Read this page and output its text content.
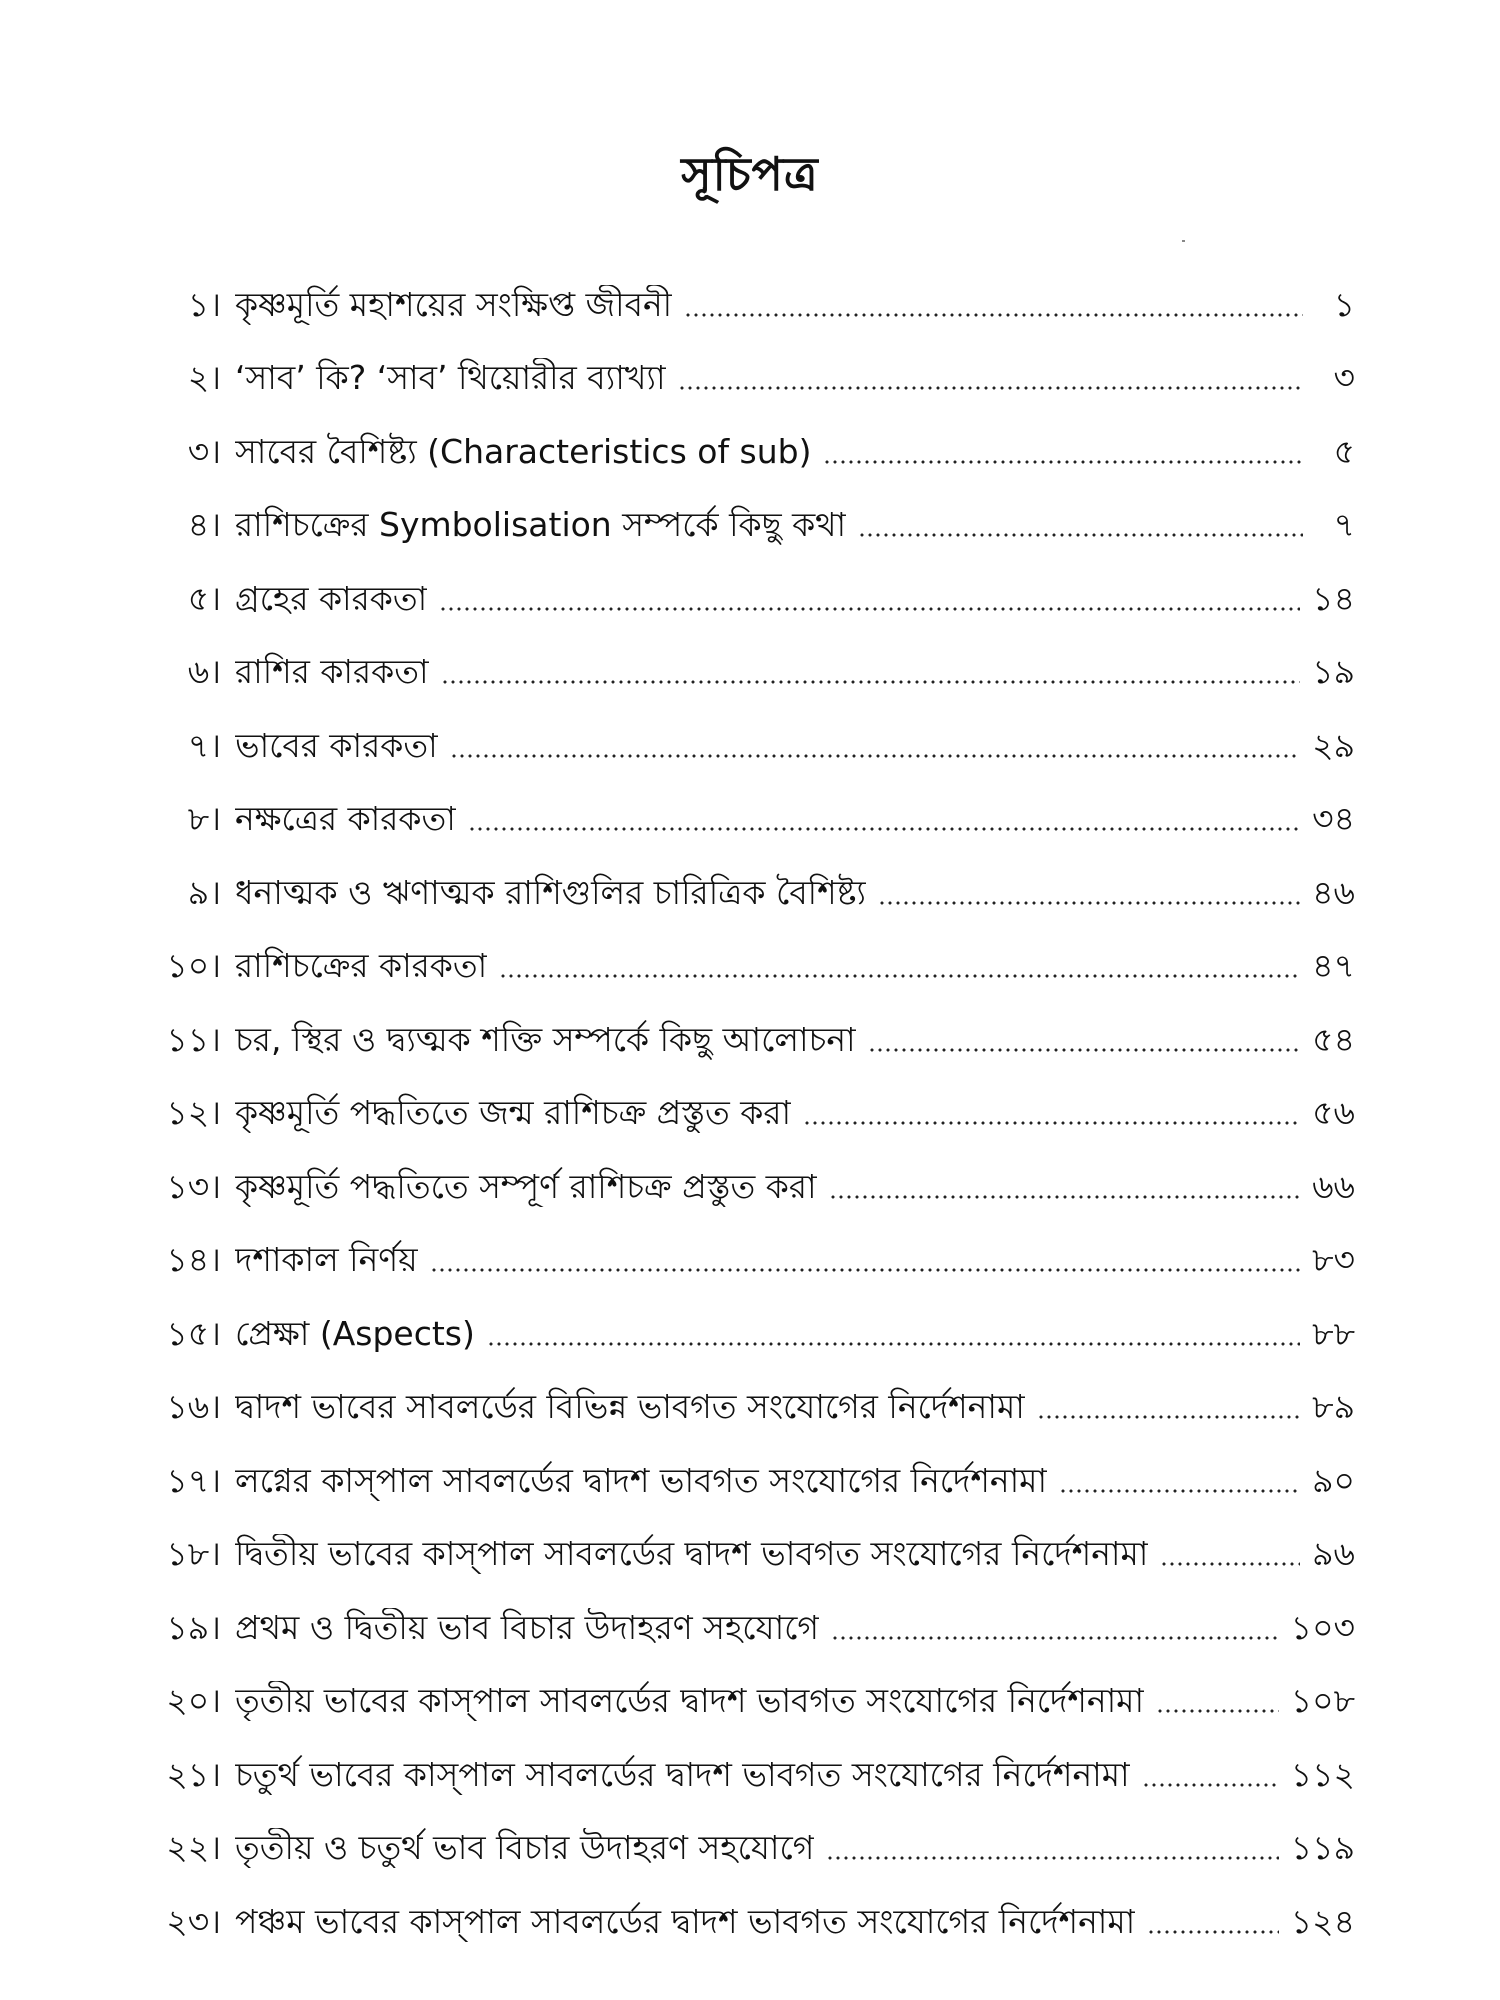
সূচিপত্র
১। কৃষ্ণমূর্তি মহাশয়ের সংক্ষিপ্ত জীবনী	১
২। ‘সাব’ কি? ‘সাব’ থিয়োরীর ব্যাখ্যা	৩
৩। সাবের বৈশিষ্ট্য (Characteristics of sub)	৫
৪। রাশিচক্রের Symbolisation সম্পর্কে কিছু কথা	৭
৫। গ্রহের কারকতা	১৪
৬। রাশির কারকতা	১৯
৭। ভাবের কারকতা	২৯
৮। নক্ষত্রের কারকতা	৩৪
৯। ধনাত্মক ও ঋণাত্মক রাশিগুলির চারিত্রিক বৈশিষ্ট্য	৪৬
১০। রাশিচক্রের কারকতা	৪৭
১১। চর, স্থির ও দ্ব্যত্মক শক্তি সম্পর্কে কিছু আলোচনা	৫৪
১২। কৃষ্ণমূর্তি পদ্ধতিতে জন্ম রাশিচক্র প্রস্তুত করা	৫৬
১৩। কৃষ্ণমূর্তি পদ্ধতিতে সম্পূর্ণ রাশিচক্র প্রস্তুত করা	৬৬
১৪। দশাকাল নির্ণয়	৮৩
১৫। প্রেক্ষা (Aspects)	৮৮
১৬। দ্বাদশ ভাবের সাবলর্ডের বিভিন্ন ভাবগত সংযোগের নির্দেশনামা	৮৯
১৭। লগ্নের কাস্‌পাল সাবলর্ডের দ্বাদশ ভাবগত সংযোগের নির্দেশনামা	৯০
১৮। দ্বিতীয় ভাবের কাস্‌পাল সাবলর্ডের দ্বাদশ ভাবগত সংযোগের নির্দেশনামা	৯৬
১৯। প্রথম ও দ্বিতীয় ভাব বিচার উদাহরণ সহযোগে	১০৩
২০। তৃতীয় ভাবের কাস্‌পাল সাবলর্ডের দ্বাদশ ভাবগত সংযোগের নির্দেশনামা	১০৮
২১। চতুর্থ ভাবের কাস্‌পাল সাবলর্ডের দ্বাদশ ভাবগত সংযোগের নির্দেশনামা	১১২
২২। তৃতীয় ও চতুর্থ ভাব বিচার উদাহরণ সহযোগে	১১৯
২৩। পঞ্চম ভাবের কাস্‌পাল সাবলর্ডের দ্বাদশ ভাবগত সংযোগের নির্দেশনামা	১২৪
